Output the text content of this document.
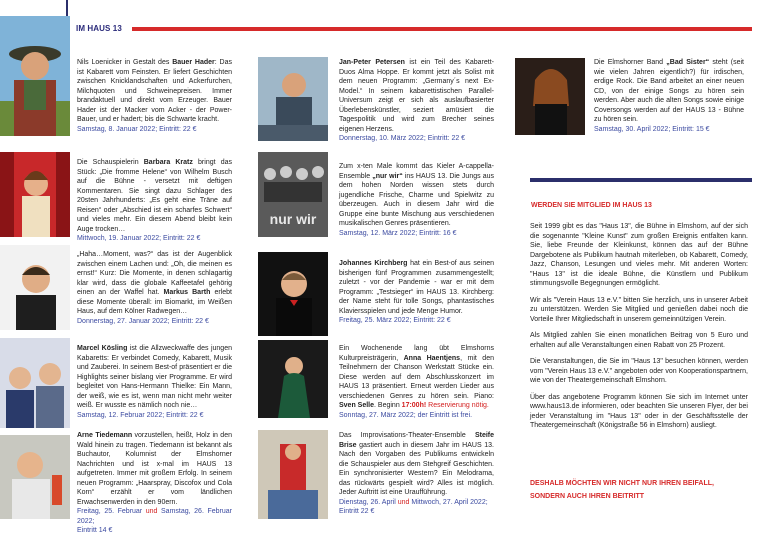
IM HAUS 13
Nils Loenicker in Gestalt des Bauer Hader: Das ist Kabarett vom Feinsten. Er liefert Geschichten zwischen Knicklandschaften und Ackerfurchen, Milchquoten und Schweinepreisen. Immer brandaktuell und direkt vom Erzeuger. Bauer Hader ist der Macker vom Acker - der Power-Bauer, und er hadert; bis die Schwarte kracht.
Samstag, 8. Januar 2022; Eintritt: 22 €
Die Schauspielerin Barbara Kratz bringt das Stück: „Die fromme Helene“ von Wilhelm Busch auf die Bühne - versetzt mit deftigen Kommentaren. Sie singt dazu Schlager des 20sten Jahrhunderts: „Es geht eine Träne auf Reisen“ oder „Abschied ist ein scharfes Schwert“ und vieles mehr. Ein diesem Abend bleibt kein Auge trocken…
Mittwoch, 19. Januar 2022; Eintritt: 22 €
„Haha…Moment, was?“ das ist der Augenblick zwischen einem Lachen und: „Oh, die meinen es ernst!“ Kurz: Die Momente, in denen schlagartig klar wird, dass die globale Kaffeetafel gehörig einen an der Waffel hat. Markus Barth erlebt diese Momente überall: im Biomarkt, im Weißen Haus, auf dem Kölner Radwegen…
Donnerstag, 27. Januar 2022; Eintritt: 22 €
Marcel Kösling ist die Allzweckwaffe des jungen Kabaretts: Er verbindet Comedy, Kabarett, Musik und Zauberei. In seinem Best-of präsentiert er die Highlights seiner bislang vier Programme. Er wird begleitet von Hans-Hermann Thielke: Ein Mann, der weiß, wie es ist, wenn man nicht mehr weiter weiß. Er wusste es nämlich noch nie…
Samstag, 12. Februar 2022; Eintritt: 22 €
Arne Tiedemann vorzustellen, heißt, Holz in den Wald hinein zu tragen. Tiedemann ist bekannt als Buchautor, Kolumnist der Elmshorner Nachrichten und ist x-mal im HAUS 13 aufgetreten. Immer mit großem Erfolg. In seinem neuen Programm: „Haarspray, Discofox und Cola Korn“ erzählt er vom ländlichen Erwachsenwerden in den 90ern.
Freitag, 25. Februar und Samstag, 26. Februar 2022;
Eintritt 14 €
Jan-Peter Petersen ist ein Teil des Kabarett-Duos Alma Hoppe. Er kommt jetzt als Solist mit dem neuen Programm: „Germany´s next Ex-Model.“ In seinem kabarettistischen Parallel-Universum zeigt er sich als auslaufbasierter Überlebenskünstler, seziert amüsiert die Tagespolitik und wird zum Brecher seines eigenen Herzens.
Donnerstag, 10. März 2022; Eintritt: 22 €
nur wir
Zum x-ten Male kommt das Kieler A-cappella-Ensemble „nur wir“ ins HAUS 13. Die Jungs aus dem hohen Norden wissen stets durch jugendliche Frische, Charme und Spielwitz zu überzeugen. Auch in diesem Jahr wird die Gruppe eine bunte Mischung aus verschiedenen musikalischen Genres präsentieren.
Samstag, 12. März 2022; Eintritt: 16 €
Johannes Kirchberg hat ein Best-of aus seinen bisherigen fünf Programmen zusammengestellt; zuletzt - vor der Pandemie - war er mit dem Programm: „Testsieger“ im HAUS 13. Kirchberg: der Name steht für tolle Songs, phantastisches Klaviersspielen und jede Menge Humor.
Freitag, 25. März 2022; Eintritt: 22 €
Ein Wochenende lang übt Elmshorns Kulturpreisträgerin, Anna Haentjens, mit den Teilnehmern der Chanson Werkstatt Stücke ein. Diese werden auf dem Abschlusskonzert im HAUS 13 präsentiert. Erneut werden Lieder aus verschiedenen Genres zu hören sein. Piano: Sven Selle. Beginn 17:00h! Reservierung nötig.
Sonntag, 27. März 2022; der Eintritt ist frei.
Das Improvisations-Theater-Ensemble Steife Brise gastiert auch in diesem Jahr im HAUS 13. Nach den Vorgaben des Publikums entwickeln die Schauspieler aus dem Stehgreif Geschichten. Ein synchronisierter Western? Ein Melodrama, das rückwärts gespielt wird? Alles ist möglich. Jeder Auftritt ist eine Uraufführung.
Dienstag, 26. April und Mittwoch, 27. April 2022;
Eintritt 22 €
Die Elmshorner Band „Bad Sister“ steht (seit wie vielen Jahren eigentlich?) für irdischen, erdige Rock. Die Band arbeitet an einer neuen CD, von der einige Songs zu hören sein werden. Aber auch die alten Songs sowie einige Coversongs werden auf der HAUS 13 - Bühne zu hören sein.
Samstag, 30. April 2022; Eintritt: 15 €
WERDEN SIE MITGLIED IM HAUS 13
Seit 1999 gibt es das "Haus 13", die Bühne in Elmshorn, auf der sich die sogenannte "Kleine Kunst" zum großen Ereignis entfalten kann. Sie, liebe Freunde der Kleinkunst, können das auf der Bühne Dargebotene als Publikum hautnah miterleben, ob Kabarett, Comedy, Jazz, Chanson, Lesungen und vieles mehr. Mit anderen Worten: "Haus 13" ist die ideale Bühne, die Künstlern und Publikum stimmungsvolle Begegnungen ermöglicht.
Wir als "Verein Haus 13 e.V." bitten Sie herzlich, uns in unserer Arbeit zu unterstützen. Werden Sie Mitglied und genießen dabei noch die Vorteile Ihrer Mitgliedschaft in unserem gemeinnützigen Verein.
Als Mitglied zahlen Sie einen monatlichen Beitrag von 5 Euro und erhalten auf alle Veranstaltungen einen Rabatt von 25 Prozent.
Die Veranstaltungen, die Sie im "Haus 13" besuchen können, werden vom "Verein Haus 13 e.V." angeboten oder von Kooperationspartnern, wie von der Theatergemeinschaft Elmshorn.
Über das angebotene Programm können Sie sich im Internet unter www.haus13.de informieren, oder beachten Sie unseren Flyer, der bei jeder Veranstaltung im "Haus 13" oder in der Geschäftsstelle der Theatergemeinschaft (Königstraße 56 in Elmshorn) ausliegt.
DESHALB MÖCHTEN WIR NICHT NUR IHREN BEIFALL,
SONDERN AUCH IHREN BEITRITT
